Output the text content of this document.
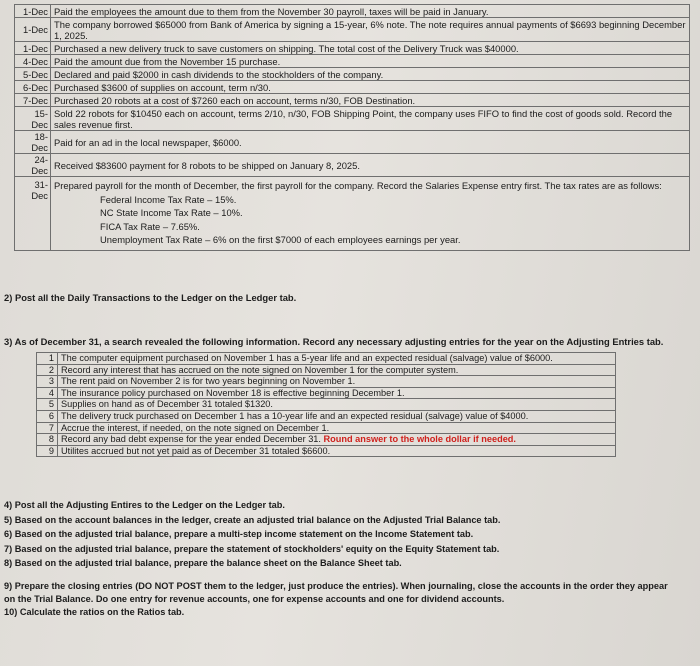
1-Dec	Paid the employees the amount due to them from the November 30 payroll, taxes will be paid in January.
1-Dec	The company borrowed $65000 from Bank of America by signing a 15-year, 6% note. The note requires annual payments of $6693 beginning December 1, 2025.
1-Dec	Purchased a new delivery truck to save customers on shipping. The total cost of the Delivery Truck was $40000.
4-Dec	Paid the amount due from the November 15 purchase.
5-Dec	Declared and paid $2000 in cash dividends to the stockholders of the company.
6-Dec	Purchased $3600 of supplies on account, term n/30.
7-Dec	Purchased 20 robots at a cost of $7260 each on account, terms n/30, FOB Destination.
15-Dec	Sold 22 robots for $10450 each on account, terms 2/10, n/30, FOB Shipping Point, the company uses FIFO to find the cost of goods sold. Record the sales revenue first.
18-Dec	Paid for an ad in the local newspaper, $6000.
24-Dec	Received $83600 payment for 8 robots to be shipped on January 8, 2025.
31-Dec	Prepared payroll for the month of December, the first payroll for the company. Record the Salaries Expense entry first. The tax rates are as follows:
Federal Income Tax Rate – 15%.
NC State Income Tax Rate – 10%.
FICA Tax Rate – 7.65%.
Unemployment Tax Rate – 6% on the first $7000 of each employees earnings per year.
2) Post all the Daily Transactions to the Ledger on the Ledger tab.
3) As of December 31, a search revealed the following information. Record any necessary adjusting entries for the year on the Adjusting Entries tab.
1	The computer equipment purchased on November 1 has a 5-year life and an expected residual (salvage) value of $6000.
2	Record any interest that has accrued on the note signed on November 1 for the computer system.
3	The rent paid on November 2 is for two years beginning on November 1.
4	The insurance policy purchased on November 18 is effective beginning December 1.
5	Supplies on hand as of December 31 totaled $1320.
6	The delivery truck purchased on December 1 has a 10-year life and an expected residual (salvage) value of $4000.
7	Accrue the interest, if needed, on the note signed on December 1.
8	Record any bad debt expense for the year ended December 31. Round answer to the whole dollar if needed.
9	Utilites accrued but not yet paid as of December 31 totaled $6600.
4) Post all the Adjusting Entires to the Ledger on the Ledger tab.
5) Based on the account balances in the ledger, create an adjusted trial balance on the Adjusted Trial Balance tab.
6) Based on the adjusted trial balance, prepare a multi-step income statement on the Income Statement tab.
7) Based on the adjusted trial balance, prepare the statement of stockholders' equity on the Equity Statement tab.
8) Based on the adjusted trial balance, prepare the balance sheet on the Balance Sheet tab.
9) Prepare the closing entries (DO NOT POST them to the ledger, just produce the entries). When journaling, close the accounts in the order they appear on the Trial Balance. Do one entry for revenue accounts, one for expense accounts and one for dividend accounts.
10) Calculate the ratios on the Ratios tab.
